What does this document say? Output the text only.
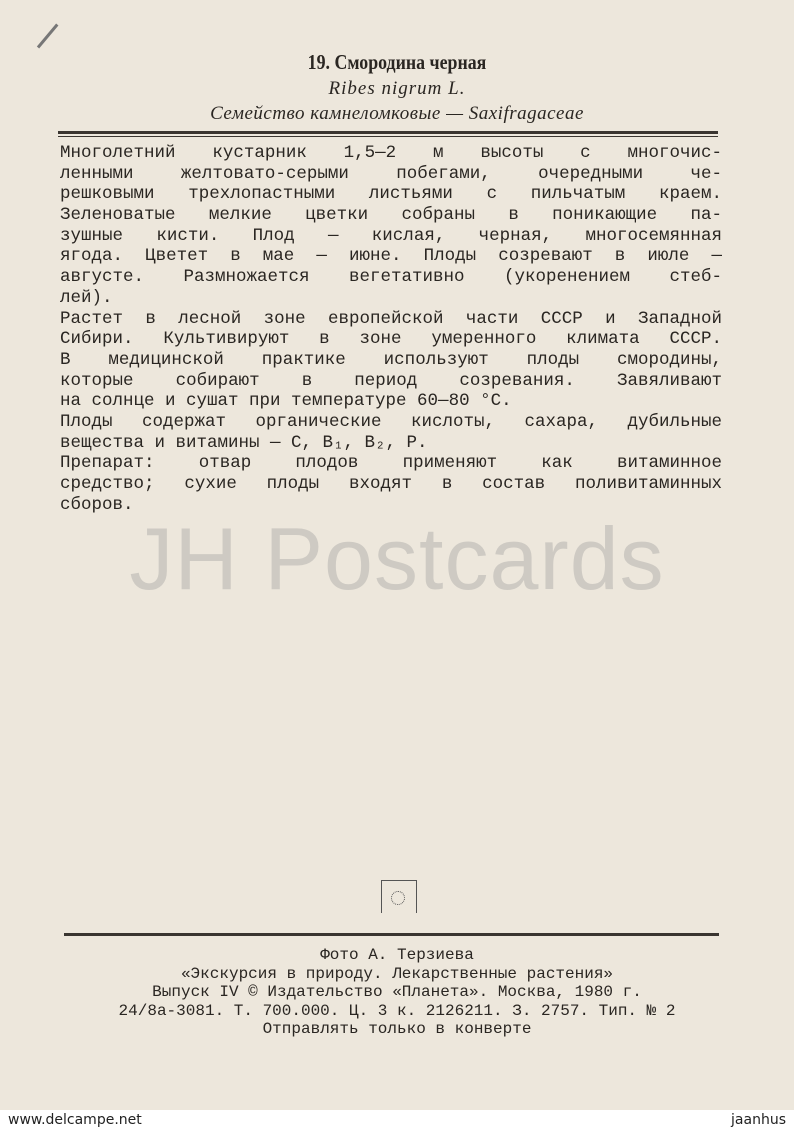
19. Смородина черная
Ribes nigrum L.
Семейство камнеломковые — Saxifragaceae
Многолетний кустарник 1,5—2 м высоты с многочис-
ленными желтовато-серыми побегами, очередными че-
решковыми трехлопастными листьями с пильчатым краем.
Зеленоватые мелкие цветки собраны в поникающие па-
зушные кисти. Плод — кислая, черная, многосемянная
ягода. Цветет в мае — июне. Плоды созревают в июле —
августе. Размножается вегетативно (укоренением стеб-
лей).
Растет в лесной зоне европейской части СССР и Западной
Сибири. Культивируют в зоне умеренного климата СССР.
В медицинской практике используют плоды смородины,
которые собирают в период созревания. Завяливают
на солнце и сушат при температуре 60—80 °С.
Плоды содержат органические кислоты, сахара, дубильные
вещества и витамины — С, B₁, B₂, Р.
Препарат: отвар плодов применяют как витаминное
средство; сухие плоды входят в состав поливитаминных
сборов.
JH Postcards
Фото А. Терзиева
«Экскурсия в природу. Лекарственные растения»
Выпуск IV © Издательство «Планета». Москва, 1980 г.
24/8а-3081. Т. 700.000. Ц. 3 к. 2126211. З. 2757. Тип. № 2
Отправлять только в конверте
www.delcampe.net	jaanhus
